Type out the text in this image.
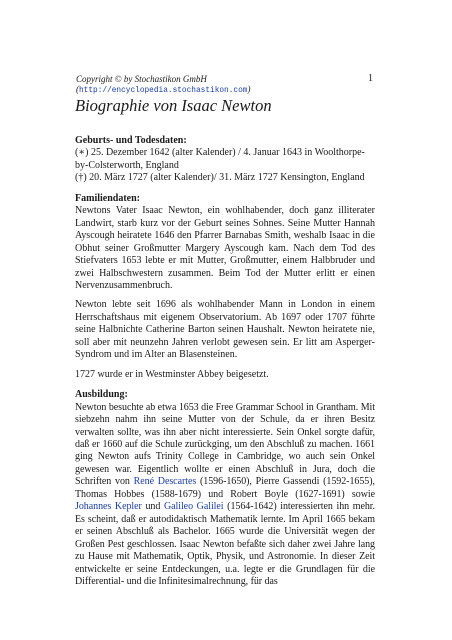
Copyright © by Stochastikon GmbH (http://encyclopedia.stochastikon.com)
1
Biographie von Isaac Newton

Geburts- und Todesdaten:

(∗) 25. Dezember 1642 (alter Kalender) / 4. Januar 1643 in Woolthorpe-by-Colsterworth, England

(†) 20. März 1727 (alter Kalender)/ 31. März 1727 Kensington, England

Familiendaten:

Newtons Vater Isaac Newton, ein wohlhabender, doch ganz illiterater Landwirt, starb kurz vor der Geburt seines Sohnes. Seine Mutter Hannah Ayscough heiratete 1646 den Pfarrer Barnabas Smith, weshalb Isaac in die Obhut seiner Großmutter Margery Ayscough kam. Nach dem Tod des Stiefvaters 1653 lebte er mit Mutter, Großmutter, einem Halbbruder und zwei Halbschwestern zusammen. Beim Tod der Mutter erlitt er einen Nervenzusammenbruch.

Newton lebte seit 1696 als wohlhabender Mann in London in einem Herrschaftshaus mit eigenem Observatorium. Ab 1697 oder 1707 führte seine Halbnichte Catherine Barton seinen Haushalt. Newton heiratete nie, soll aber mit neunzehn Jahren verlobt gewesen sein. Er litt am Asperger-Syndrom und im Alter an Blasensteinen.

1727 wurde er in Westminster Abbey beigesetzt.

Ausbildung:

Newton besuchte ab etwa 1653 die Free Grammar School in Grantham. Mit siebzehn nahm ihn seine Mutter von der Schule, da er ihren Besitz verwalten sollte, was ihn aber nicht interessierte. Sein Onkel sorgte dafür, daß er 1660 auf die Schule zurückging, um den Abschluß zu machen. 1661 ging Newton aufs Trinity College in Cambridge, wo auch sein Onkel gewesen war. Eigentlich wollte er einen Abschluß in Jura, doch die Schriften von René Descartes (1596-1650), Pierre Gassendi (1592-1655), Thomas Hobbes (1588-1679) und Robert Boyle (1627-1691) sowie Johannes Kepler und Galileo Galilei (1564-1642) interessierten ihn mehr. Es scheint, daß er autodidaktisch Mathematik lernte. Im April 1665 bekam er seinen Abschluß als Bachelor. 1665 wurde die Universität wegen der Großen Pest geschlossen. Isaac Newton befaßte sich daher zwei Jahre lang zu Hause mit Mathematik, Optik, Physik, und Astronomie. In dieser Zeit entwickelte er seine Entdeckungen, u.a. legte er die Grundlagen für die Differential- und die Infinitesimalrechnung, für das
